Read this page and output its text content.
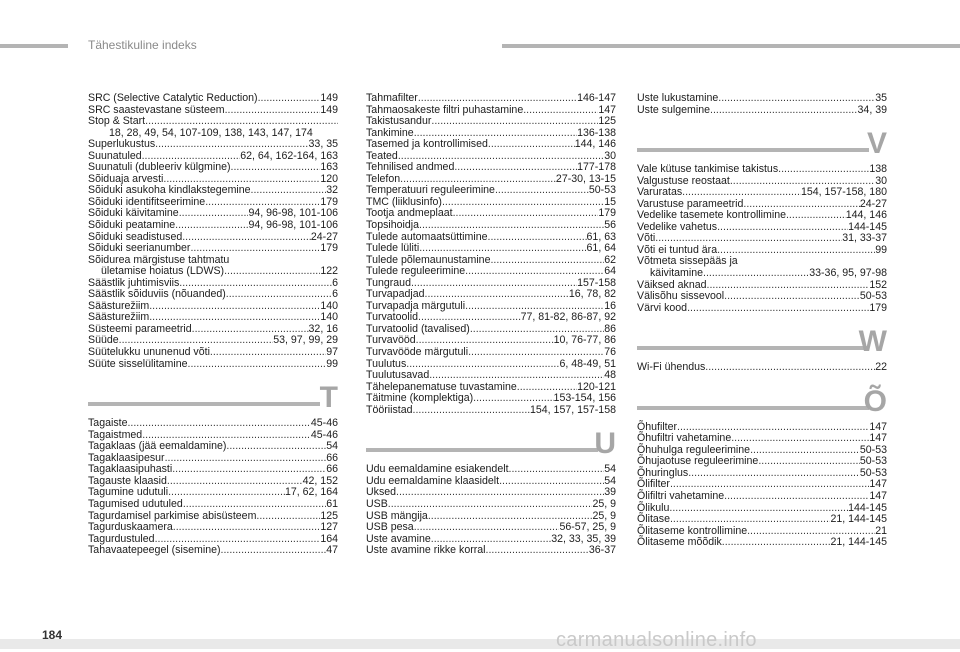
Tähestikuline indeks
SRC (Selective Catalytic Reduction) .....	149
SRC saastevastane süsteem .....	149
Stop & Start
.....
18, 28, 49, 54, 107-109, 138, 143, 147, 174
Superlukustus .....	33, 35
Suunatuled .....	62, 64, 162-164, 163
Suunatuli (dubleeriv külgmine) .....	163
Sõiduaja arvesti .....	120
Sõiduki asukoha kindlakstegemine .....	32
Sõiduki identifitseerimine .....	179
Sõiduki käivitamine .....	94, 96-98, 101-106
Sõiduki peatamine .....	94, 96-98, 101-106
Sõiduki seadistused .....	24-27
Sõiduki seerianumber .....	179
Sõidurea märgistuse tahtmatu
ületamise hoiatus (LDWS) .....	122
Säästlik juhtimisviis .....	6
Säästlik sõiduviis (nõuanded) .....	6
Säästurežiim .....	140
Säästurežiim .....	140
Süsteemi parameetrid .....	32, 16
Süüde .....	53, 97, 99, 29
Süütelukku ununenud võti .....	97
Süüte sisselülitamine .....	99
T
Tagaiste .....	45-46
Tagaistmed .....	45-46
Tagaklaas (jää eemaldamine) .....	54
Tagaklaasipesur .....	66
Tagaklaasipuhasti .....	66
Tagauste klaasid .....	42, 152
Tagumine udutuli .....	17, 62, 164
Tagumised udutuled .....	61
Tagurdamisel parkimise abisüsteem .....	125
Tagurduskaamera .....	127
Tagurdustuled .....	164
Tahavaatepeegel (sisemine) .....	47
Tahmafilter .....	146-147
Tahmaosakeste filtri puhastamine .....	147
Takistusandur .....	125
Tankimine .....	136-138
Tasemed ja kontrollimised .....	144, 146
Teated .....	30
Tehnilised andmed .....	177-178
Telefon .....	27-30, 13-15
Temperatuuri reguleerimine .....	50-53
TMC (liiklusinfo) .....	15
Tootja andmeplaat .....	179
Topsihoidja .....	56
Tulede automaatsüttimine .....	61, 63
Tulede lüliti .....	61, 64
Tulede põlemaunustamine .....	62
Tulede reguleerimine .....	64
Tungraud .....	157-158
Turvapadjad .....	16, 78, 82
Turvapadja märgutuli .....	16
Turvatoolid .....	77, 81-82, 86-87, 92
Turvatoolid (tavalised) .....	86
Turvavööd .....	10, 76-77, 86
Turvavööde märgutuli .....	76
Tuulutus .....	6, 48-49, 51
Tuulutusavad .....	48
Tähelepanematuse tuvastamine .....	120-121
Täitmine (komplektiga) .....	153-154, 156
Tööriistad .....	154, 157, 157-158
U
Udu eemaldamine esiakendelt .....	54
Udu eemaldamine klaasidelt .....	54
Uksed .....	39
USB .....	25, 9
USB mängija .....	25, 9
USB pesa .....	56-57, 25, 9
Uste avamine .....	32, 33, 35, 39
Uste avamine rikke korral .....	36-37
Uste lukustamine .....	35
Uste sulgemine .....	34, 39
V
Vale kütuse tankimise takistus .....	138
Valgustuse reostaat .....	30
Varuratas .....	154, 157-158, 180
Varustuse parameetrid .....	24-27
Vedelike tasemete kontrollimine .....	144, 146
Vedelike vahetus .....	144-145
Võti .....	31, 33-37
Võti ei tuntud ära .....	99
Võtmeta sissepääs ja
käivitamine .....	33-36, 95, 97-98
Väiksed aknad .....	152
Välisõhu sissevool .....	50-53
Värvi kood .....	179
W
Wi-Fi ühendus .....	22
Õ
Õhufilter .....	147
Õhufiltri vahetamine .....	147
Õhuhulga reguleerimine .....	50-53
Õhujaotuse reguleerimine .....	50-53
Õhuringlus .....	50-53
Õlifilter .....	147
Õlifiltri vahetamine .....	147
Õlikulu .....	144-145
Õlitase .....	21, 144-145
Õlitaseme kontrollimine .....	21
Õlitaseme mõõdik .....	21, 144-145
184	carmanualsonline.info
